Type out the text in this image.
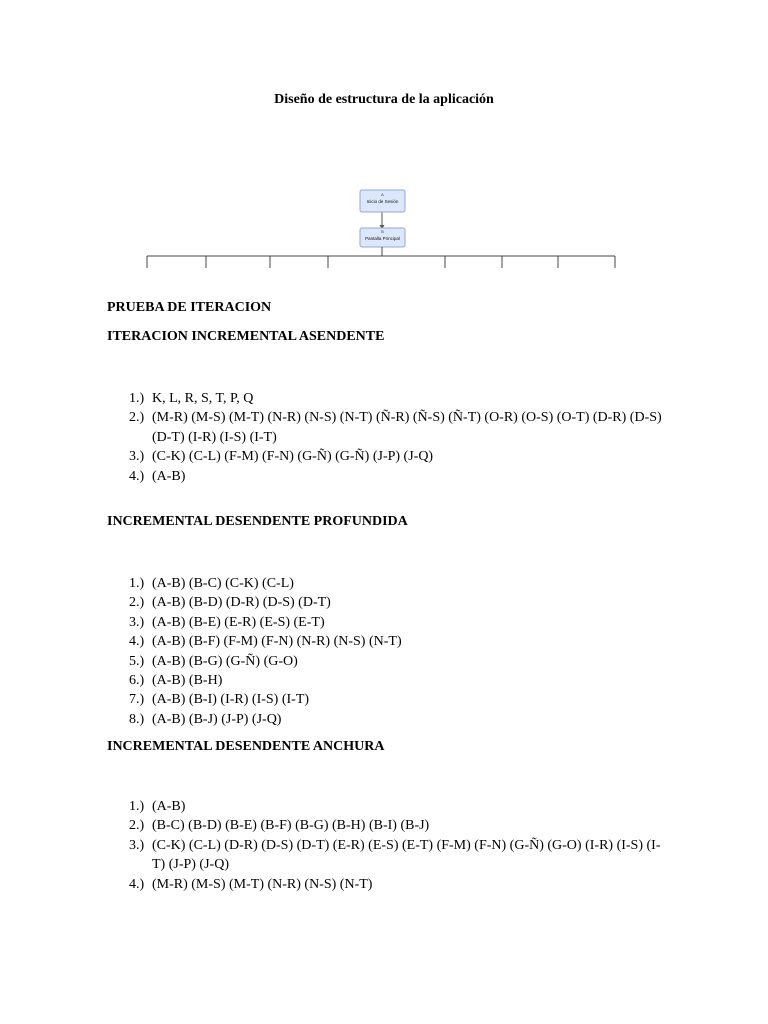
Diseño de estructura de la aplicación
A
Inicio de Sesión
B
Pantalla Principal

PRUEBA DE ITERACION

ITERACION INCREMENTAL ASENDENTE

1.) K, L, R, S, T, P, Q
2.) (M-R) (M-S) (M-T) (N-R) (N-S) (N-T) (Ñ-R) (Ñ-S) (Ñ-T) (O-R) (O-S) (O-T) (D-R) (D-S) (D-T) (I-R) (I-S) (I-T)
3.) (C-K) (C-L) (F-M) (F-N) (G-Ñ) (G-Ñ) (J-P) (J-Q)
4.) (A-B)

INCREMENTAL DESENDENTE PROFUNDIDA

1.) (A-B) (B-C) (C-K) (C-L)
2.) (A-B) (B-D) (D-R) (D-S) (D-T)
3.) (A-B) (B-E) (E-R) (E-S) (E-T)
4.) (A-B) (B-F) (F-M) (F-N) (N-R) (N-S) (N-T)
5.) (A-B) (B-G) (G-Ñ) (G-O)
6.) (A-B) (B-H)
7.) (A-B) (B-I) (I-R) (I-S) (I-T)
8.) (A-B) (B-J) (J-P) (J-Q)

INCREMENTAL DESENDENTE ANCHURA

1.) (A-B)
2.) (B-C) (B-D) (B-E) (B-F) (B-G) (B-H) (B-I) (B-J)
3.) (C-K) (C-L) (D-R) (D-S) (D-T) (E-R) (E-S) (E-T) (F-M) (F-N) (G-Ñ) (G-O) (I-R) (I-S) (I-T) (J-P) (J-Q)
4.) (M-R) (M-S) (M-T) (N-R) (N-S) (N-T)
